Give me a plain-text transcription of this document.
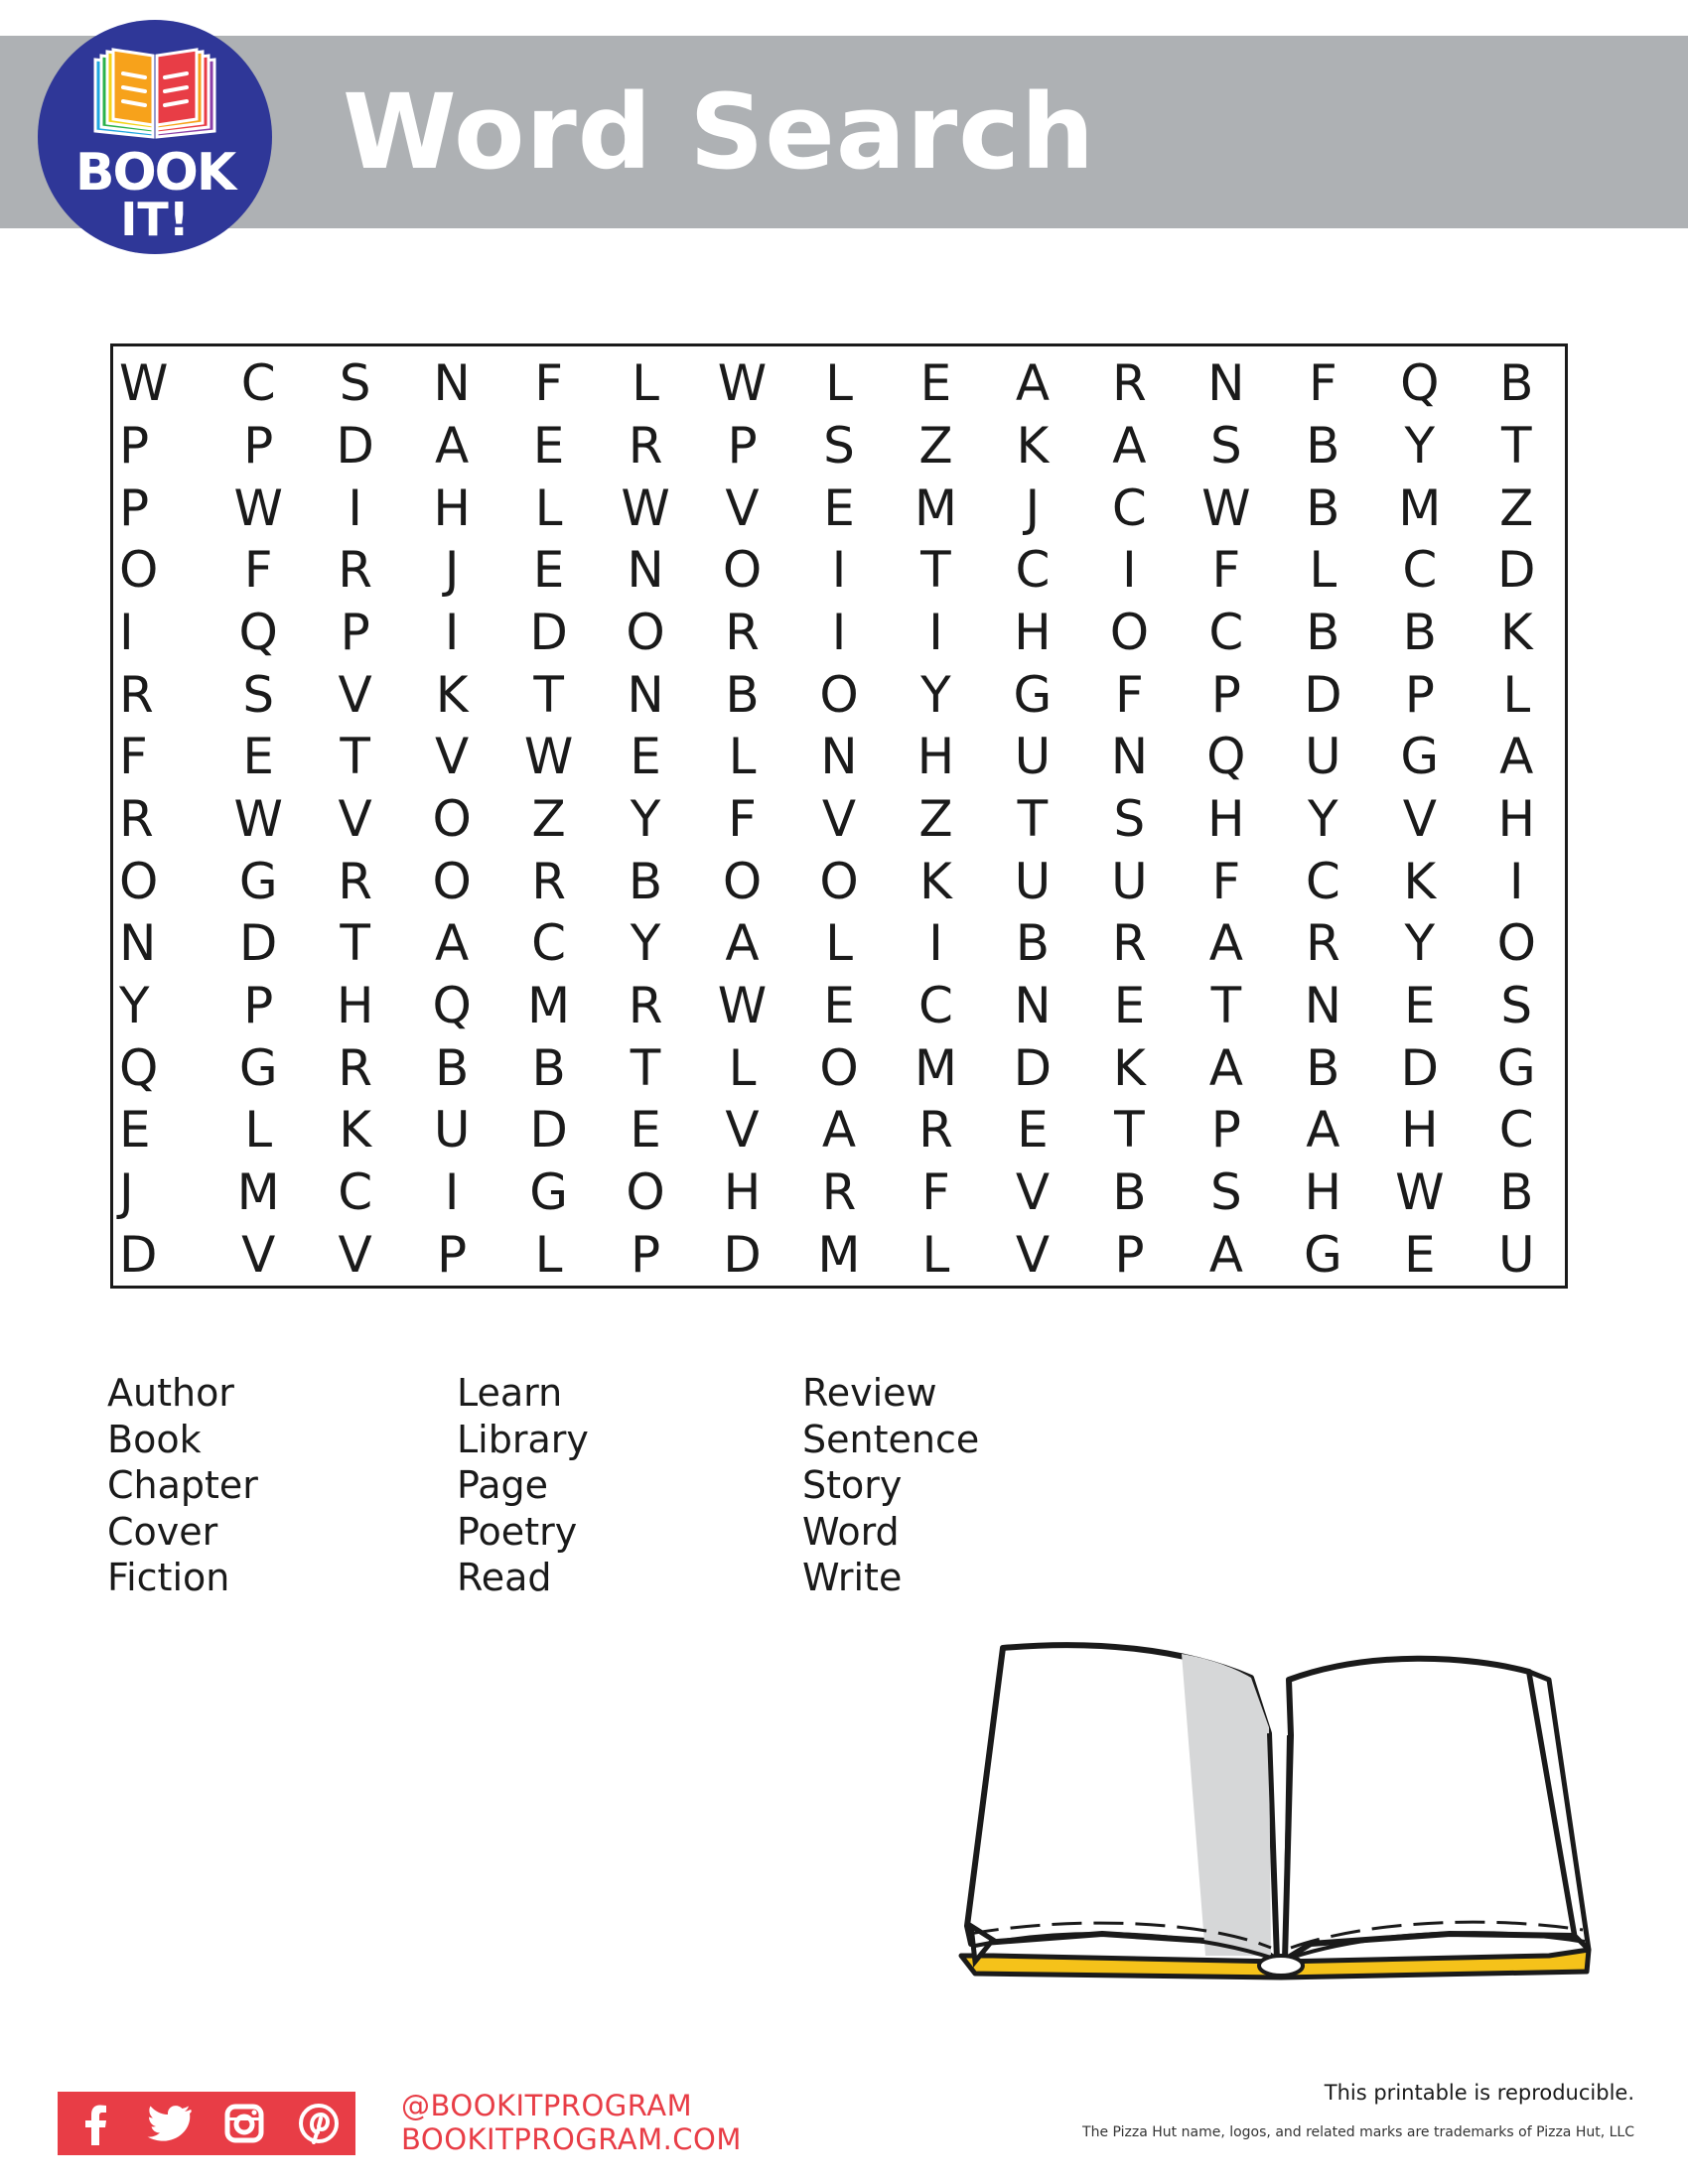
Word Search
BOOK
IT!
W	C	S	N	F	L	W	L	E	A	R	N	F	Q	B
P	P	D	A	E	R	P	S	Z	K	A	S	B	Y	T
P	W	I	H	L	W	V	E	M	J	C	W	B	M	Z
O	F	R	J	E	N	O	I	T	C	I	F	L	C	D
I	Q	P	I	D	O	R	I	I	H	O	C	B	B	K
R	S	V	K	T	N	B	O	Y	G	F	P	D	P	L
F	E	T	V	W	E	L	N	H	U	N	Q	U	G	A
R	W	V	O	Z	Y	F	V	Z	T	S	H	Y	V	H
O	G	R	O	R	B	O	O	K	U	U	F	C	K	I
N	D	T	A	C	Y	A	L	I	B	R	A	R	Y	O
Y	P	H	Q	M	R	W	E	C	N	E	T	N	E	S
Q	G	R	B	B	T	L	O	M	D	K	A	B	D	G
E	L	K	U	D	E	V	A	R	E	T	P	A	H	C
J	M	C	I	G	O	H	R	F	V	B	S	H	W	B
D	V	V	P	L	P	D	M	L	V	P	A	G	E	U
Author
Book
Chapter
Cover
Fiction
Learn
Library
Page
Poetry
Read
Review
Sentence
Story
Word
Write
@BOOKITPROGRAM
BOOKITPROGRAM.COM
This printable is reproducible.
The Pizza Hut name, logos, and related marks are trademarks of Pizza Hut, LLC
